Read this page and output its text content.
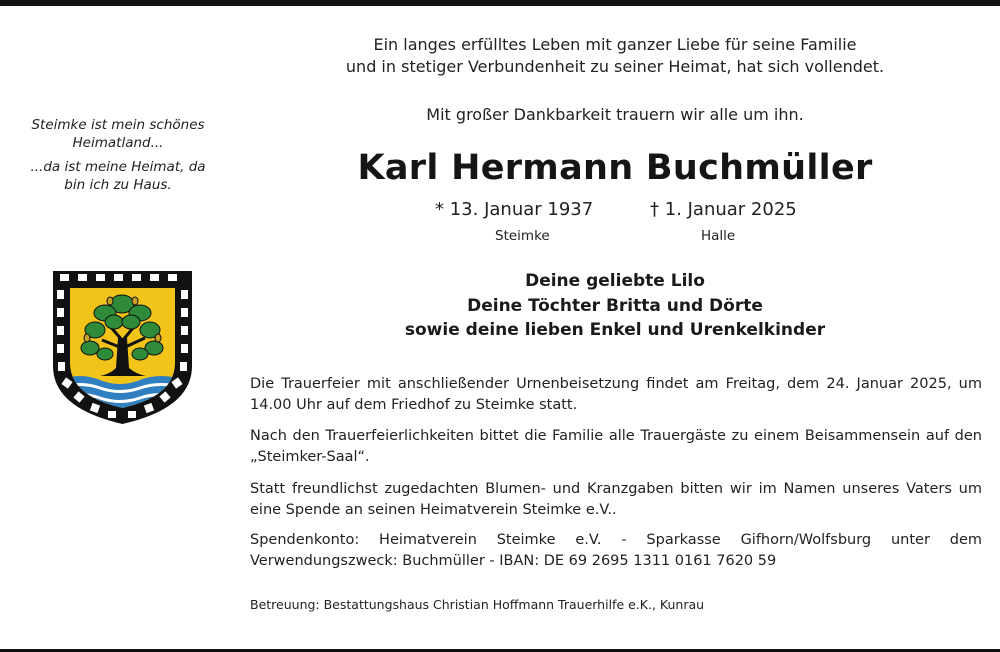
Ein langes erfülltes Leben mit ganzer Liebe für seine Familie
und in stetiger Verbundenheit zu seiner Heimat, hat sich vollendet.
Mit großer Dankbarkeit trauern wir alle um ihn.
Steimke ist mein schönes
Heimatland...
...da ist meine Heimat, da
bin ich zu Haus.	Karl Hermann Buchmüller
* 13. Januar 1937	† 1. Januar 2025
Steimke	Halle
Deine geliebte Lilo
Deine Töchter Britta und Dörte
sowie deine lieben Enkel und Urenkelkinder
Die Trauerfeier mit anschließender Urnenbeisetzung findet am Freitag, dem 24. Januar 2025, um 14.00 Uhr auf dem Friedhof zu Steimke statt.
Nach den Trauerfeierlichkeiten bittet die Familie alle Trauergäste zu einem Beisammensein auf den „Steimker-Saal“.
Statt freundlichst zugedachten Blumen- und Kranzgaben bitten wir im Namen unseres Vaters um eine Spende an seinen Heimatverein Steimke e.V..
Spendenkonto: Heimatverein Steimke e.V. - Sparkasse Gifhorn/Wolfsburg unter dem Verwendungszweck: Buchmüller - IBAN: DE 69 2695 1311 0161 7620 59
Betreuung: Bestattungshaus Christian Hoffmann Trauerhilfe e.K., Kunrau
